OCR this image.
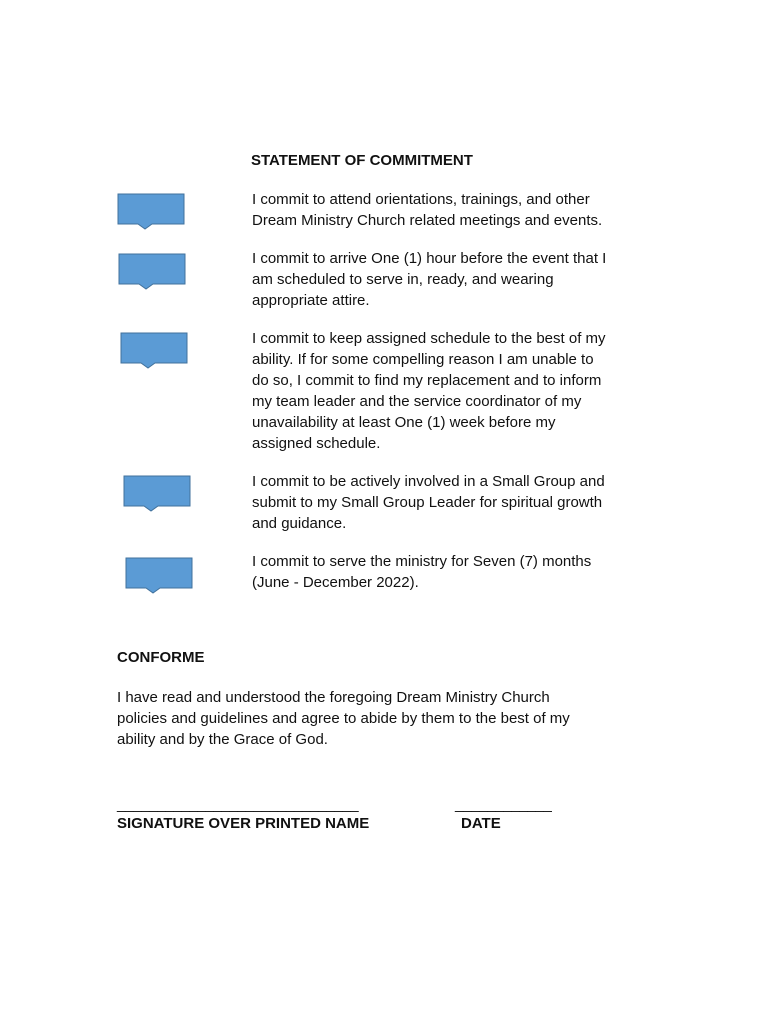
STATEMENT OF COMMITMENT
I commit to attend orientations, trainings, and other
Dream Ministry Church related meetings and events.
I commit to arrive One (1) hour before the event that I
am scheduled to serve in, ready, and wearing
appropriate attire.
I commit to keep assigned schedule to the best of my
ability. If for some compelling reason I am unable to
do so, I commit to find my replacement and to inform
my team leader and the service coordinator of my
unavailability at least One (1) week before my
assigned schedule.
I commit to be actively involved in a Small Group and
submit to my Small Group Leader for spiritual growth
and guidance.
I commit to serve the ministry for Seven (7) months
(June - December 2022).
CONFORME
I have read and understood the foregoing Dream Ministry Church
policies and guidelines and agree to abide by them to the best of my
ability and by the Grace of God.
______________________________	____________
SIGNATURE OVER PRINTED NAME	DATE
